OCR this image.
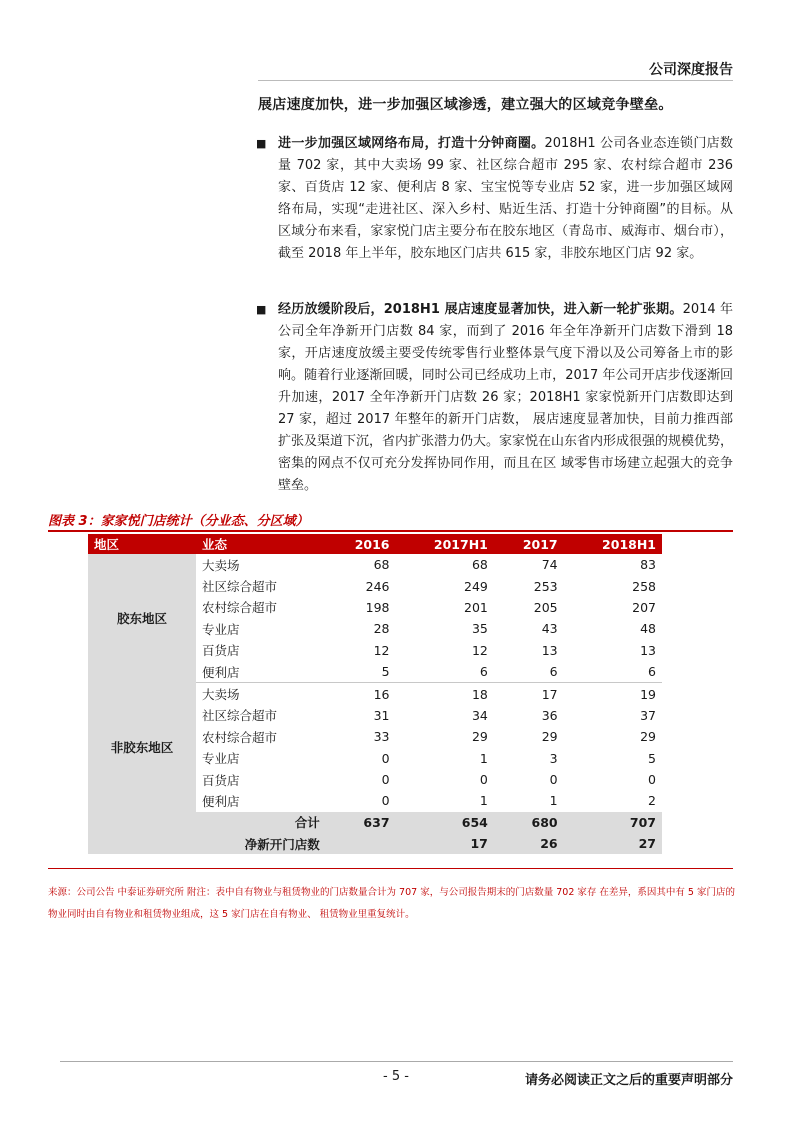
公司深度报告
展店速度加快，进一步加强区域渗透，建立强大的区域竞争壁垒。
■ 进一步加强区域网络布局，打造十分钟商圈。2018H1 公司各业态连锁门店数量 702 家，其中大卖场 99 家、社区综合超市 295 家、农村综合超市 236 家、百货店 12 家、便利店 8 家、宝宝悦等专业店 52 家，进一步加强区域网络布局，实现“走进社区、深入乡村、贴近生活、打造十分钟商圈”的目标。从区域分布来看，家家悦门店主要分布在胶东地区（青岛市、威海市、烟台市），截至 2018 年上半年，胶东地区门店共 615 家，非胶东地区门店 92 家。
■ 经历放缓阶段后，2018H1 展店速度显著加快，进入新一轮扩张期。2014 年公司全年净新开门店数 84 家，而到了 2016 年全年净新开门店数下滑到 18 家，开店速度放缓主要受传统零售行业整体景气度下滑以及公司筹备上市的影响。随着行业逐渐回暖，同时公司已经成功上市，2017 年公司开店步伐逐渐回升加速，2017 全年净新开门店数 26 家；2018H1 家家悦新开门店数即达到 27 家，超过 2017 年整年的新开门店数， 展店速度显著加快，目前力推西部扩张及渠道下沉，省内扩张潜力仍大。家家悦在山东省内形成很强的规模优势，密集的网点不仅可充分发挥协同作用，而且在区 域零售市场建立起强大的竞争壁垒。
图表 3：家家悦门店统计（分业态、分区域）
地区	业态	2016	2017H1	2017	2018H1
胶东地区	大卖场	68	68	74	83
	社区综合超市	246	249	253	258
	农村综合超市	198	201	205	207
	专业店	28	35	43	48
	百货店	12	12	13	13
	便利店	5	6	6	6
非胶东地区	大卖场	16	18	17	19
	社区综合超市	31	34	36	37
	农村综合超市	33	29	29	29
	专业店	0	1	3	5
	百货店	0	0	0	0
	便利店	0	1	1	2
合计		637	654	680	707
净新开门店数			17	26	27
来源：公司公告 中泰证券研究所 附注：表中自有物业与租赁物业的门店数量合计为 707 家，与公司报告期末的门店数量 702 家存 在差异，系因其中有 5 家门店的物业同时由自有物业和租赁物业组成，这 5 家门店在自有物业、 租赁物业里重复统计。
- 5 -	请务必阅读正文之后的重要声明部分
